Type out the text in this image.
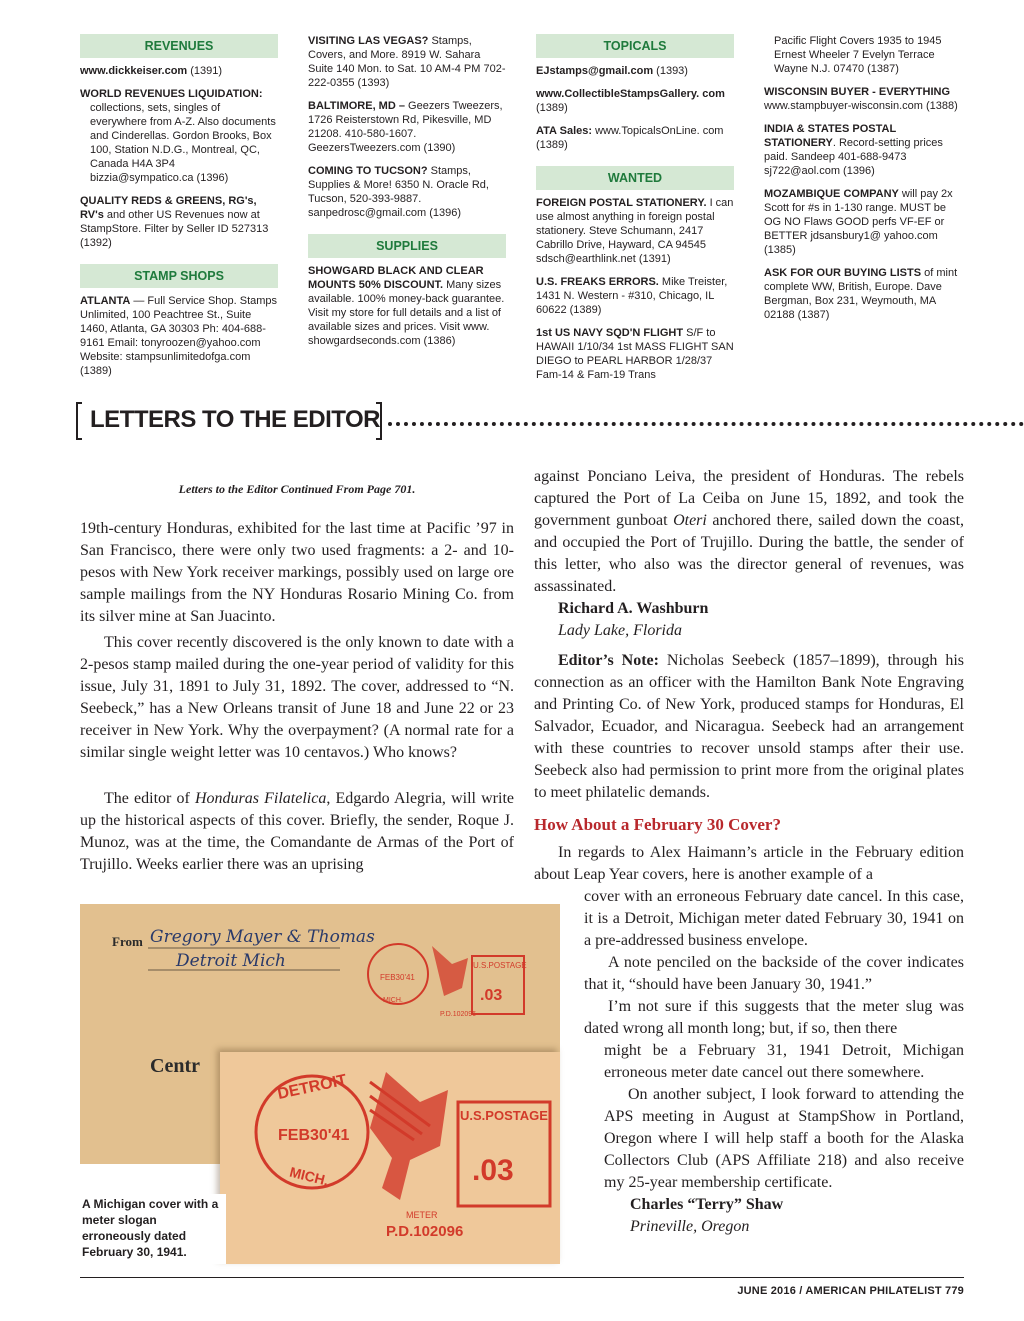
REVENUES

www.dickkeiser.com (1391)

WORLD REVENUES LIQUIDATION:

collections, sets, singles of everywhere from A-Z. Also documents and Cinderellas. Gordon Brooks, Box 100, Station N.D.G., Montreal, QC, Canada H4A 3P4 bizzia@sympatico.ca (1396)

QUALITY REDS & GREENS, RG's, RV's and other US Revenues now at StampStore. Filter by Seller ID 527313 (1392)

STAMP SHOPS

ATLANTA — Full Service Shop. Stamps Unlimited, 100 Peachtree St., Suite 1460, Atlanta, GA 30303 Ph: 404-688-9161 Email: tonyroozen@yahoo.com Website: stampsunlimitedofga.com (1389)

VISITING LAS VEGAS? Stamps, Covers, and More. 8919 W. Sahara Suite 140 Mon. to Sat. 10 AM-4 PM 702-222-0355 (1393)

BALTIMORE, MD – Geezers Tweezers, 1726 Reisterstown Rd, Pikesville, MD 21208. 410-580-1607. GeezersTweezers.com (1390)

COMING TO TUCSON? Stamps, Supplies & More! 6350 N. Oracle Rd, Tucson, 520-393-9887. sanpedrosc@gmail.com (1396)

SUPPLIES

SHOWGARD BLACK AND CLEAR MOUNTS 50% DISCOUNT. Many sizes available. 100% money-back guarantee. Visit my store for full details and a list of available sizes and prices. Visit www. showgardseconds.com (1386)

TOPICALS

EJstamps@gmail.com (1393)

www.CollectibleStampsGallery. com (1389)

ATA Sales: www.TopicalsOnLine. com (1389)

WANTED

FOREIGN POSTAL STATIONERY. I can use almost anything in foreign postal stationery. Steve Schumann, 2417 Cabrillo Drive, Hayward, CA 94545 sdsch@earthlink.net (1391)

U.S. FREAKS ERRORS. Mike Treister, 1431 N. Western - #310, Chicago, IL 60622 (1389)

1st US NAVY SQD'N FLIGHT S/F to HAWAII 1/10/34 1st MASS FLIGHT SAN DIEGO to PEARL HARBOR 1/28/37 Fam-14 & Fam-19 Trans

Pacific Flight Covers 1935 to 1945 Ernest Wheeler 7 Evelyn Terrace Wayne N.J. 07470 (1387)

WISCONSIN BUYER - EVERYTHING www.stampbuyer-wisconsin.com (1388)

INDIA & STATES POSTAL STATIONERY. Record-setting prices paid. Sandeep 401-688-9473 sj722@aol.com (1396)

MOZAMBIQUE COMPANY will pay 2x Scott for #s in 1-130 range. MUST be OG NO Flaws GOOD perfs VF-EF or BETTER jdsansbury1@ yahoo.com (1385)

ASK FOR OUR BUYING LISTS of mint complete WW, British, Europe. Dave Bergman, Box 231, Weymouth, MA 02188 (1387)

LETTERS TO THE EDITOR
Letters to the Editor Continued From Page 701.

19th-century Honduras, exhibited for the last time at Pacific ’97 in San Francisco, there were only two used fragments: a 2- and 10-pesos with New York receiver markings, possibly used on large ore sample mailings from the NY Honduras Rosario Mining Co. from its silver mine at San Juacinto.

This cover recently discovered is the only known to date with a 2-pesos stamp mailed during the one-year period of validity for this issue, July 31, 1891 to July 31, 1892. The cover, addressed to “N. Seebeck,” has a New Orleans transit of June 18 and June 22 or 23 receiver in New York. Why the overpayment? (A normal rate for a similar single weight letter was 10 centavos.) Who knows?

The editor of Honduras Filatelica, Edgardo Alegria, will write up the historical aspects of this cover. Briefly, the sender, Roque J. Munoz, was at the time, the Comandante de Armas of the Port of Trujillo. Weeks earlier there was an uprising

against Ponciano Leiva, the president of Honduras. The rebels captured the Port of La Ceiba on June 15, 1892, and took the government gunboat Oteri anchored there, sailed down the coast, and occupied the Port of Trujillo. During the battle, the sender of this letter, who also was the director general of revenues, was assassinated.

Richard A. Washburn
Lady Lake, Florida

Editor’s Note: Nicholas Seebeck (1857–1899), through his connection as an officer with the Hamilton Bank Note Engraving and Printing Co. of New York, produced stamps for Honduras, El Salvador, Ecuador, and Nicaragua. Seebeck had an arrangement with these countries to recover unsold stamps after their use. Seebeck also had permission to print more from the original plates to meet philatelic demands.

How About a February 30 Cover?

In regards to Alex Haimann’s article in the February edition about Leap Year covers, here is another example of a

cover with an erroneous February date cancel. In this case, it is a Detroit, Michigan meter dated February 30, 1941 on a pre-addressed business envelope.

A note penciled on the backside of the cover indicates that it, “should have been January 30, 1941.”

I’m not sure if this suggests that the meter slug was dated wrong all month long; but, if so, then there

might be a February 31, 1941 Detroit, Michigan erroneous meter date cancel out there somewhere.

On another subject, I look forward to attending the APS meeting in August at StampShow in Portland, Oregon where I will help staff a booth for the Alaska Collectors Club (APS Affiliate 218) and also receive my 25-year membership certificate.

Charles “Terry” Shaw
Prineville, Oregon
From Gregory Mayer & Thomas
Detroit Mich
Centr
FEB30'41
MICH.
U.S.POSTAGE
.03
P.D.102096
DETROIT
FEB30'41
MICH.
U.S.POSTAGE
.03
METER
P.D.102096
A Michigan cover with a meter slogan erroneously dated February 30, 1941.
JUNE 2016 / AMERICAN PHILATELIST 779
